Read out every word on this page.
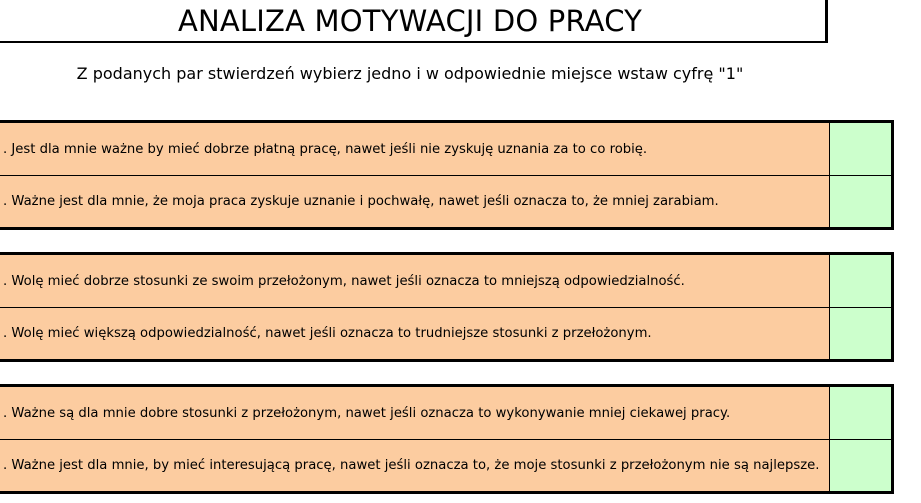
ANALIZA MOTYWACJI DO PRACY
Z podanych par stwierdzeń wybierz jedno i w odpowiednie miejsce wstaw cyfrę "1"
. Jest dla mnie ważne by mieć dobrze płatną pracę, nawet jeśli nie zyskuję uznania za to co robię.
. Ważne jest dla mnie, że moja praca zyskuje uznanie i pochwałę, nawet jeśli oznacza to, że mniej zarabiam.
. Wolę mieć dobrze stosunki ze swoim przełożonym, nawet jeśli oznacza to mniejszą odpowiedzialność.
. Wolę mieć większą odpowiedzialność, nawet jeśli oznacza to trudniejsze stosunki z przełożonym.
. Ważne są dla mnie dobre stosunki z przełożonym, nawet jeśli oznacza to wykonywanie mniej ciekawej pracy.
. Ważne jest dla mnie, by mieć interesującą pracę, nawet jeśli oznacza to, że moje stosunki z przełożonym nie są najlepsze.
